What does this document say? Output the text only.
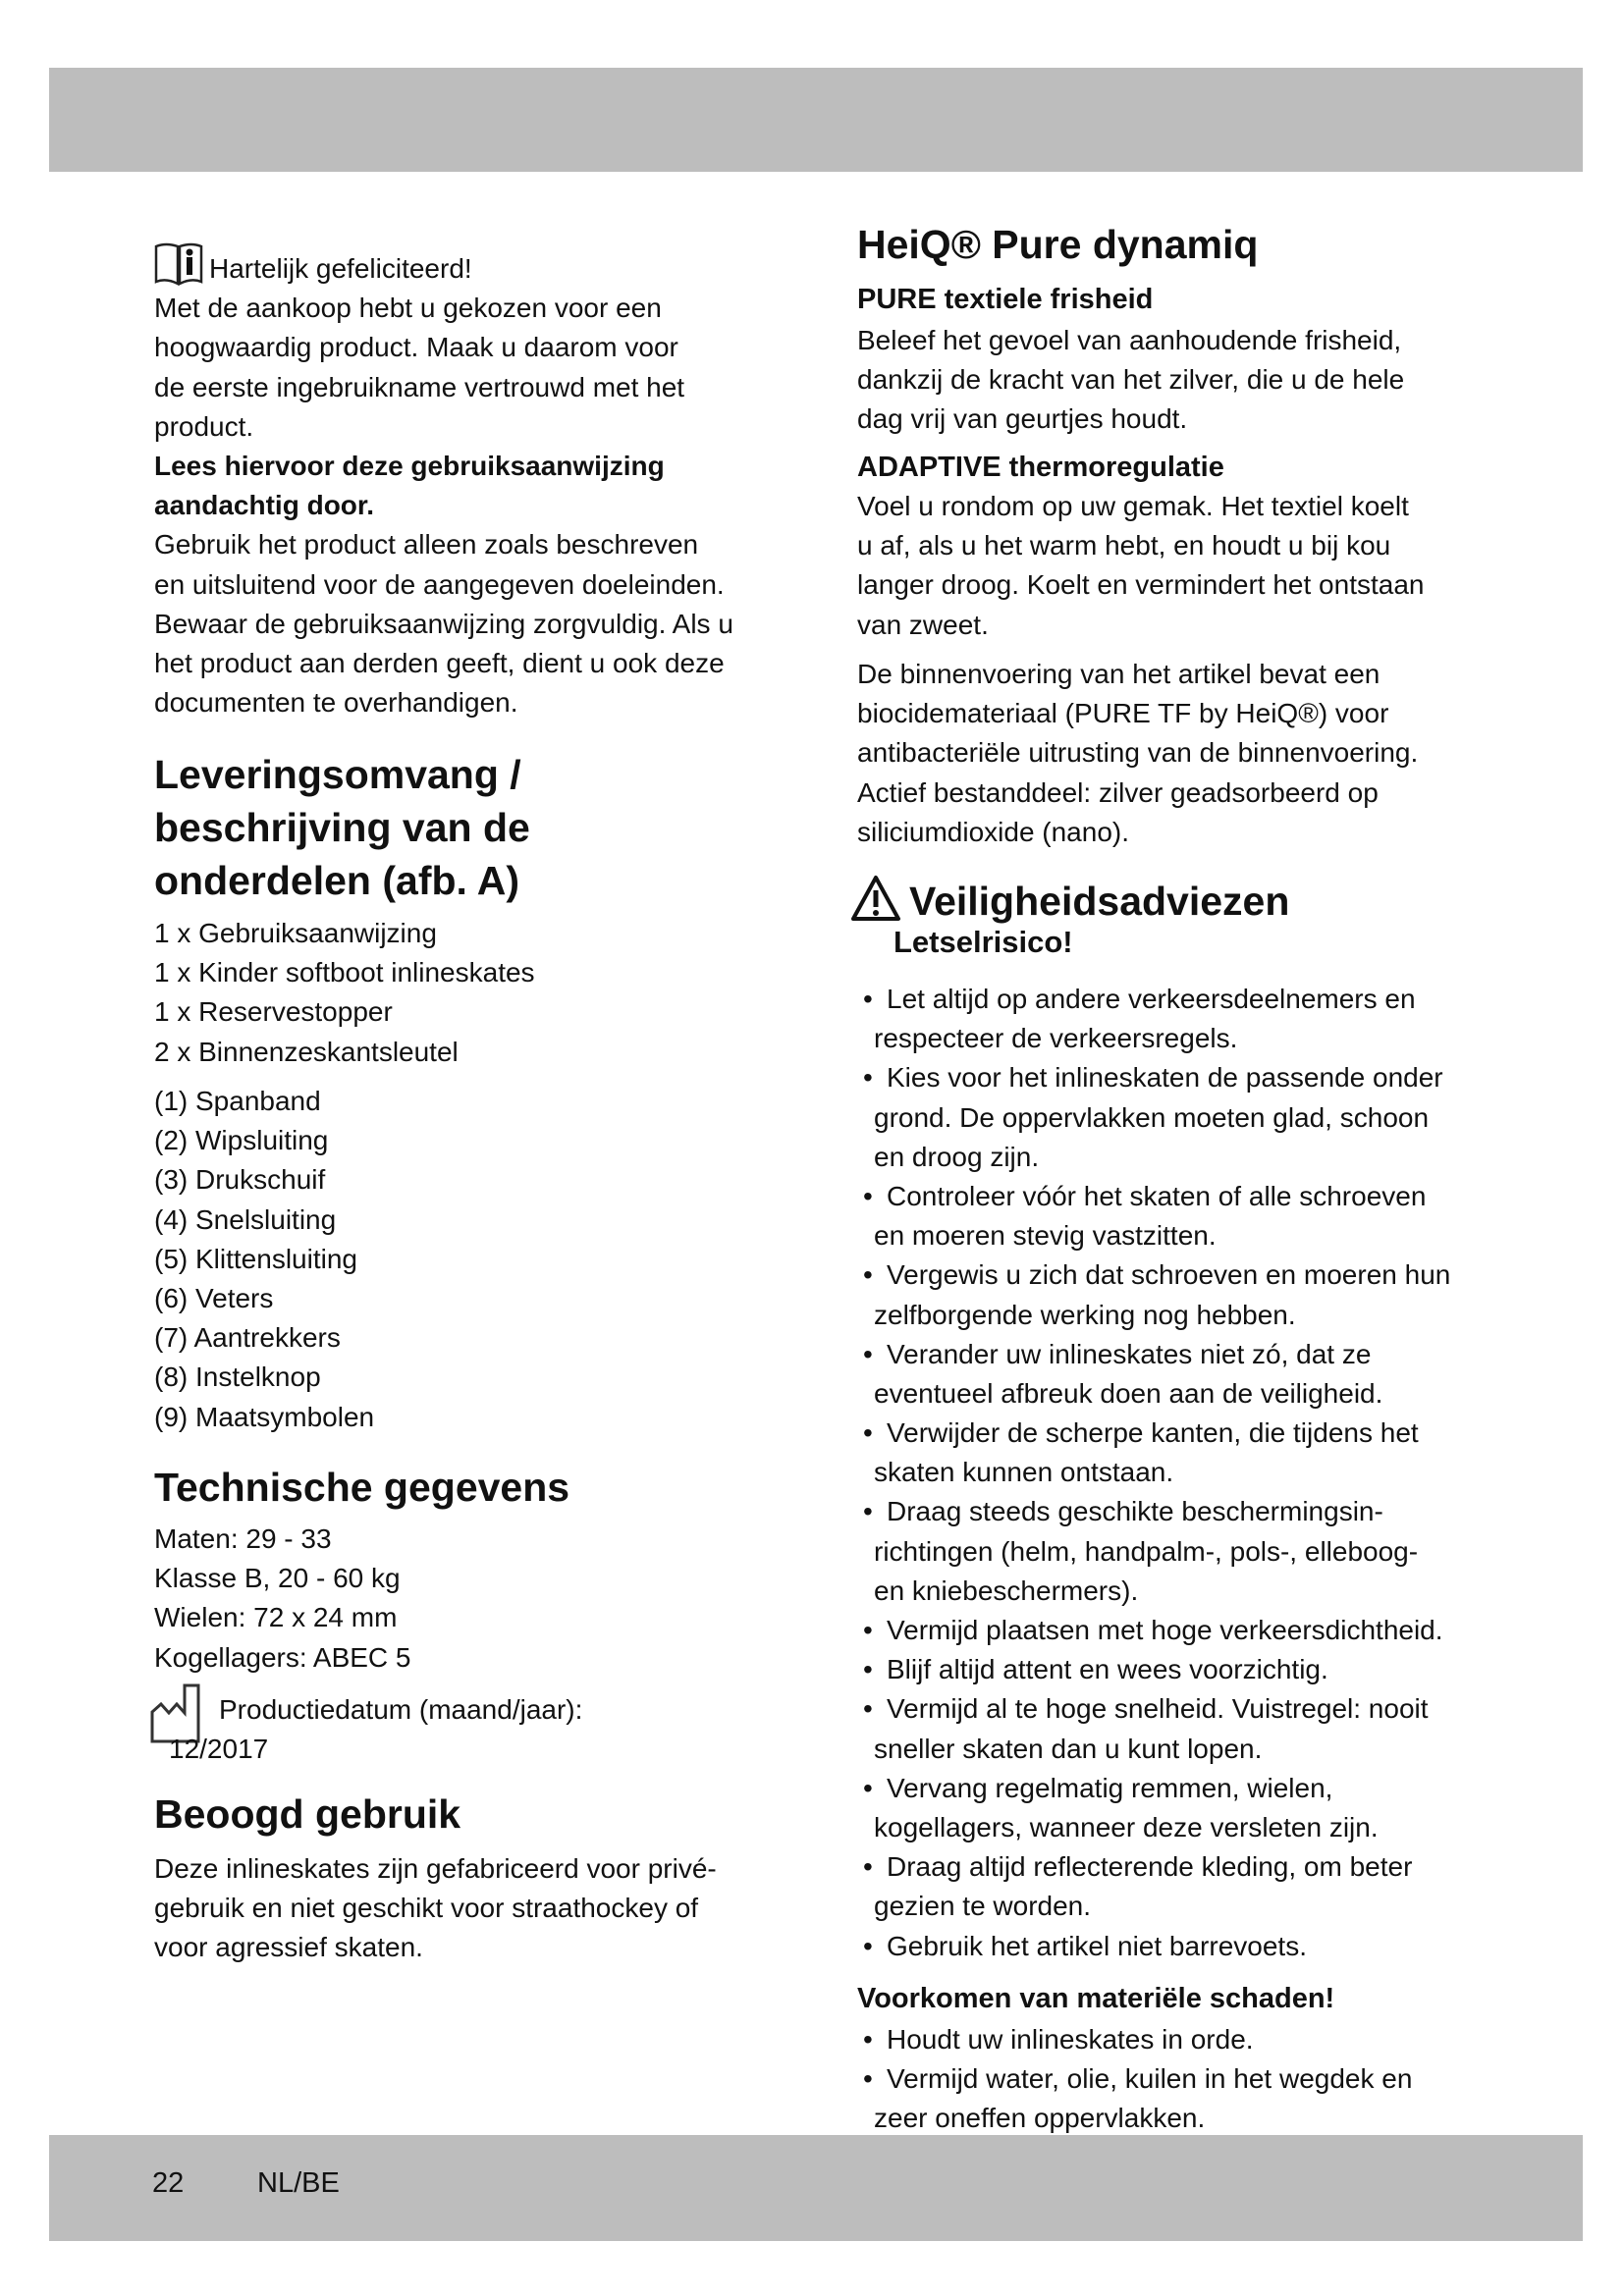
Hartelijk gefeliciteerd!
Met de aankoop hebt u gekozen voor een
hoogwaardig product. Maak u daarom voor
de eerste ingebruikname vertrouwd met het
product.
Lees hiervoor deze gebruiksaanwijzing
aandachtig door.
Gebruik het product alleen zoals beschreven
en uitsluitend voor de aangegeven doeleinden.
Bewaar de gebruiksaanwijzing zorgvuldig. Als u
het product aan derden geeft, dient u ook deze
documenten te overhandigen.
Leveringsomvang /
beschrijving van de
onderdelen (afb. A)
1 x Gebruiksaanwijzing
1 x Kinder softboot inlineskates
1 x Reservestopper
2 x Binnenzeskantsleutel
(1) Spanband
(2) Wipsluiting
(3) Drukschuif
(4) Snelsluiting
(5) Klittensluiting
(6) Veters
(7) Aantrekkers
(8) Instelknop
(9) Maatsymbolen
Technische gegevens
Maten: 29 - 33
Klasse B, 20 - 60 kg
Wielen: 72 x 24 mm
Kogellagers: ABEC 5
Productiedatum (maand/jaar):
12/2017
Beoogd gebruik
Deze inlineskates zijn gefabriceerd voor privé-
gebruik en niet geschikt voor straathockey of
voor agressief skaten.
HeiQ® Pure dynamiq
PURE textiele frisheid
Beleef het gevoel van aanhoudende frisheid,
dankzij de kracht van het zilver, die u de hele
dag vrij van geurtjes houdt.
ADAPTIVE thermoregulatie
Voel u rondom op uw gemak. Het textiel koelt
u af, als u het warm hebt, en houdt u bij kou
langer droog. Koelt en vermindert het ontstaan
van zweet.
De binnenvoering van het artikel bevat een
biocidemateriaal (PURE TF by HeiQ®) voor
antibacteriële uitrusting van de binnenvoering.
Actief bestanddeel: zilver geadsorbeerd op
siliciumdioxide (nano).
Veiligheidsadviezen
Letselrisico!
• Let altijd op andere verkeersdeelnemers en
respecteer de verkeersregels.
• Kies voor het inlineskaten de passende onder
grond. De oppervlakken moeten glad, schoon
en droog zijn.
• Controleer vóór het skaten of alle schroeven
en moeren stevig vastzitten.
• Vergewis u zich dat schroeven en moeren hun
zelfborgende werking nog hebben.
• Verander uw inlineskates niet zó, dat ze
eventueel afbreuk doen aan de veiligheid.
• Verwijder de scherpe kanten, die tijdens het
skaten kunnen ontstaan.
• Draag steeds geschikte beschermingsin-
richtingen (helm, handpalm-, pols-, elleboog-
en kniebeschermers).
• Vermijd plaatsen met hoge verkeersdichtheid.
• Blijf altijd attent en wees voorzichtig.
• Vermijd al te hoge snelheid. Vuistregel: nooit
sneller skaten dan u kunt lopen.
• Vervang regelmatig remmen, wielen,
kogellagers, wanneer deze versleten zijn.
• Draag altijd reflecterende kleding, om beter
gezien te worden.
• Gebruik het artikel niet barrevoets.
Voorkomen van materiële schaden!
• Houdt uw inlineskates in orde.
• Vermijd water, olie, kuilen in het wegdek en
zeer oneffen oppervlakken.
22	NL/BE
